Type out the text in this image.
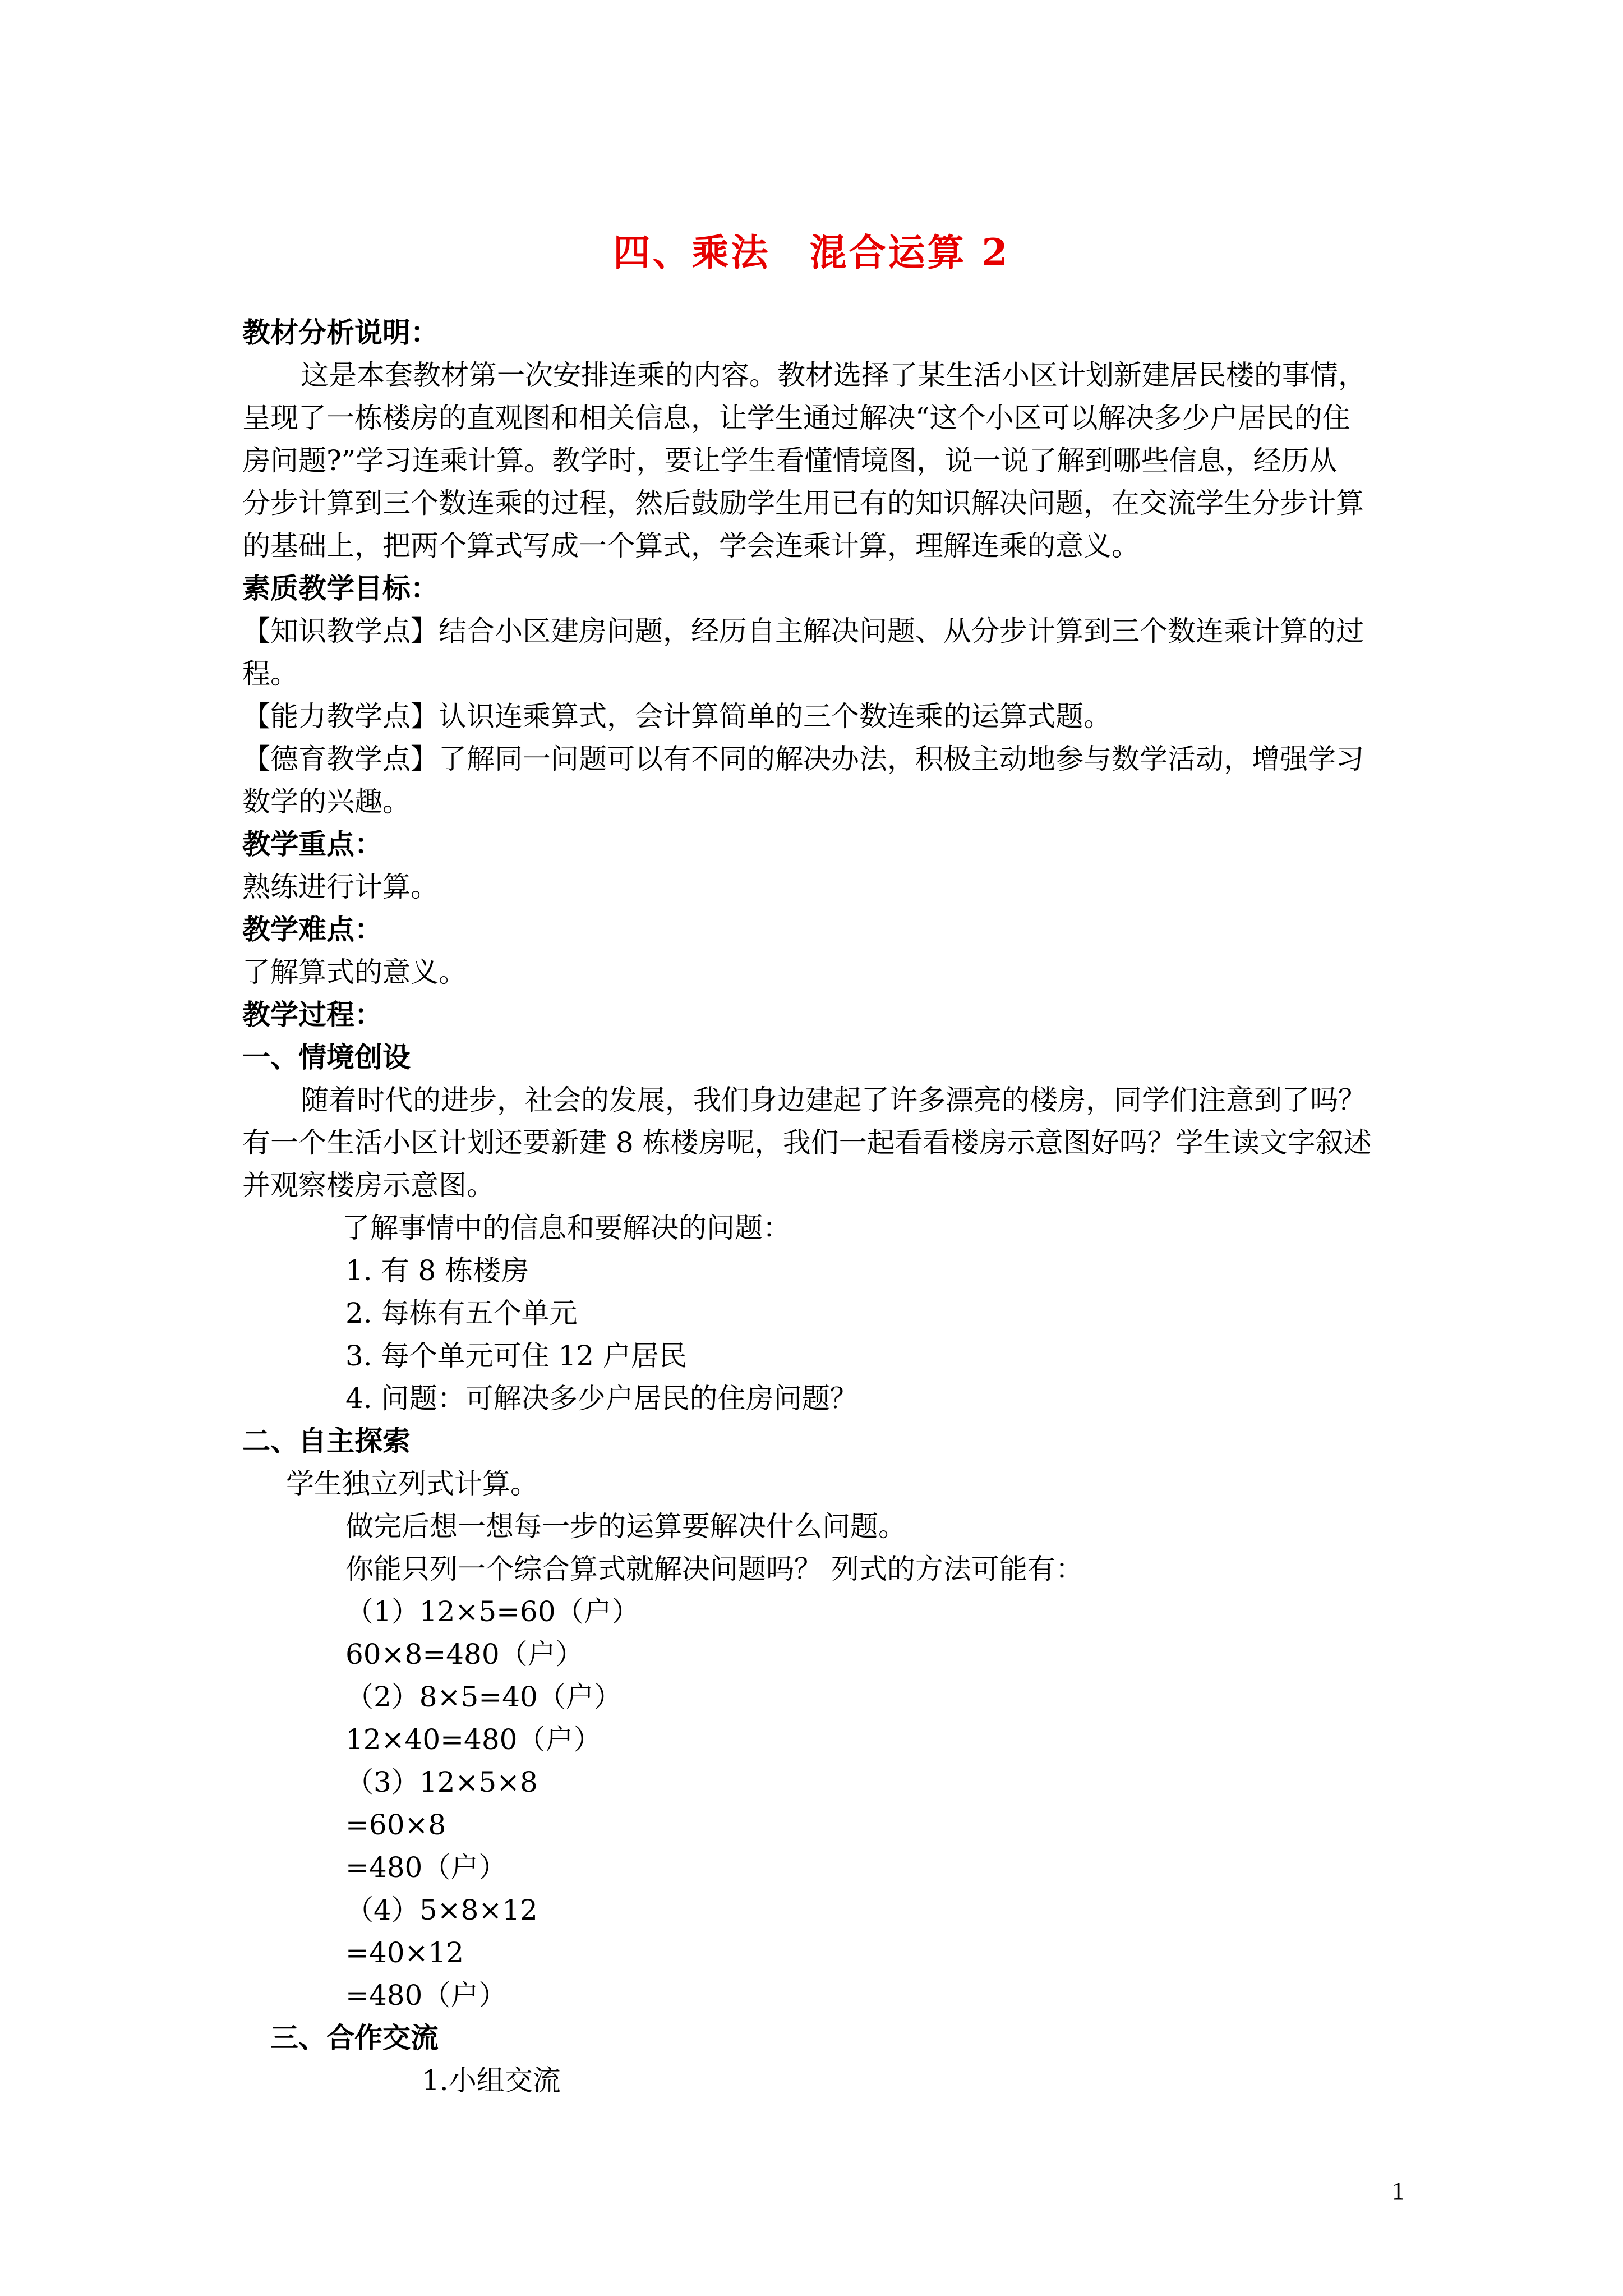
四、乘法 混合运算 2
教材分析说明：
这是本套教材第一次安排连乘的内容。教材选择了某生活小区计划新建居民楼的事情，
呈现了一栋楼房的直观图和相关信息，让学生通过解决“这个小区可以解决多少户居民的住
房问题?”学习连乘计算。教学时，要让学生看懂情境图，说一说了解到哪些信息，经历从
分步计算到三个数连乘的过程，然后鼓励学生用已有的知识解决问题，在交流学生分步计算
的基础上，把两个算式写成一个算式，学会连乘计算，理解连乘的意义。
素质教学目标：
【知识教学点】结合小区建房问题，经历自主解决问题、从分步计算到三个数连乘计算的过
程。
【能力教学点】认识连乘算式，会计算简单的三个数连乘的运算式题。
【德育教学点】了解同一问题可以有不同的解决办法，积极主动地参与数学活动，增强学习
数学的兴趣。
教学重点：
熟练进行计算。
教学难点：
了解算式的意义。
教学过程：
一、情境创设
随着时代的进步，社会的发展，我们身边建起了许多漂亮的楼房，同学们注意到了吗？
有一个生活小区计划还要新建 8 栋楼房呢，我们一起看看楼房示意图好吗？学生读文字叙述
并观察楼房示意图。
了解事情中的信息和要解决的问题：
1. 有 8 栋楼房
2. 每栋有五个单元
3. 每个单元可住 12 户居民
4. 问题：可解决多少户居民的住房问题？
二、自主探索
学生独立列式计算。
做完后想一想每一步的运算要解决什么问题。
你能只列一个综合算式就解决问题吗？ 列式的方法可能有：
（1）12×5=60（户）
60×8=480（户）
（2）8×5=40（户）
12×40=480（户）
（3）12×5×8
=60×8
=480（户）
（4）5×8×12
=40×12
=480（户）
三、合作交流
1.小组交流
1
